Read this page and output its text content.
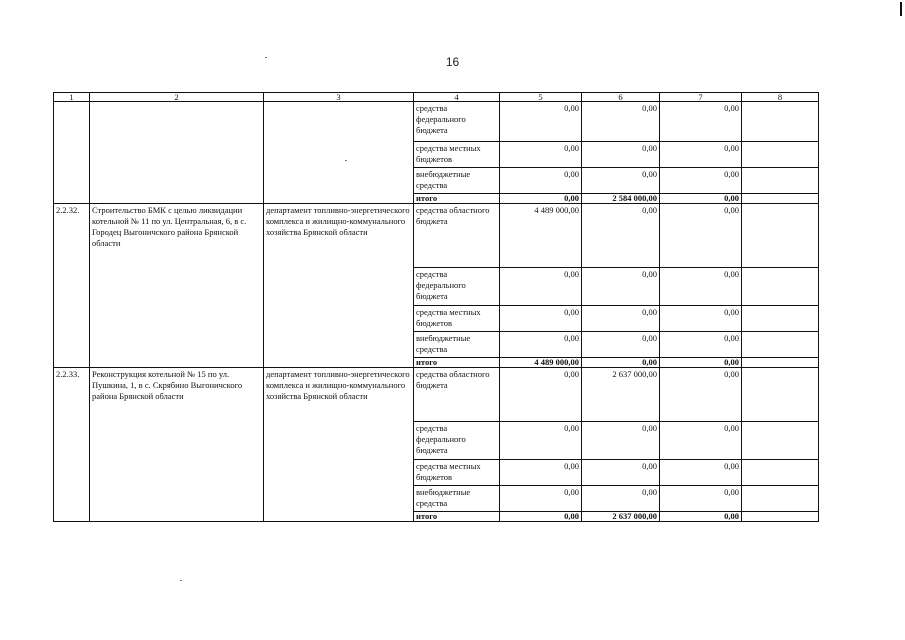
16
1	2	3	4	5	6	7	8
			средства федерального бюджета	0,00	0,00	0,00	
			средства местных бюджетов	0,00	0,00	0,00	
			внебюджетные средства	0,00	0,00	0,00	
			итого	0,00	2 584 000,00	0,00	
2.2.32.	Строительство БМК с целью ликвидации котельной № 11 по ул. Центральная, 6, в с. Городец Выгоничского района Брянской области	департамент топливно-энергетического комплекса и жилищно-коммунального хозяйства Брянской области	средства областного бюджета	4 489 000,00	0,00	0,00	
			средства федерального бюджета	0,00	0,00	0,00	
			средства местных бюджетов	0,00	0,00	0,00	
			внебюджетные средства	0,00	0,00	0,00	
			итого	4 489 000,00	0,00	0,00	
2.2.33.	Реконструкция котельной № 15 по ул. Пушкина, 1, в с. Скрябино Выгоничского района Брянской области	департамент топливно-энергетического комплекса и жилищно-коммунального хозяйства Брянской области	средства областного бюджета	0,00	2 637 000,00	0,00	
			средства федерального бюджета	0,00	0,00	0,00	
			средства местных бюджетов	0,00	0,00	0,00	
			внебюджетные средства	0,00	0,00	0,00	
			итого	0,00	2 637 000,00	0,00	
